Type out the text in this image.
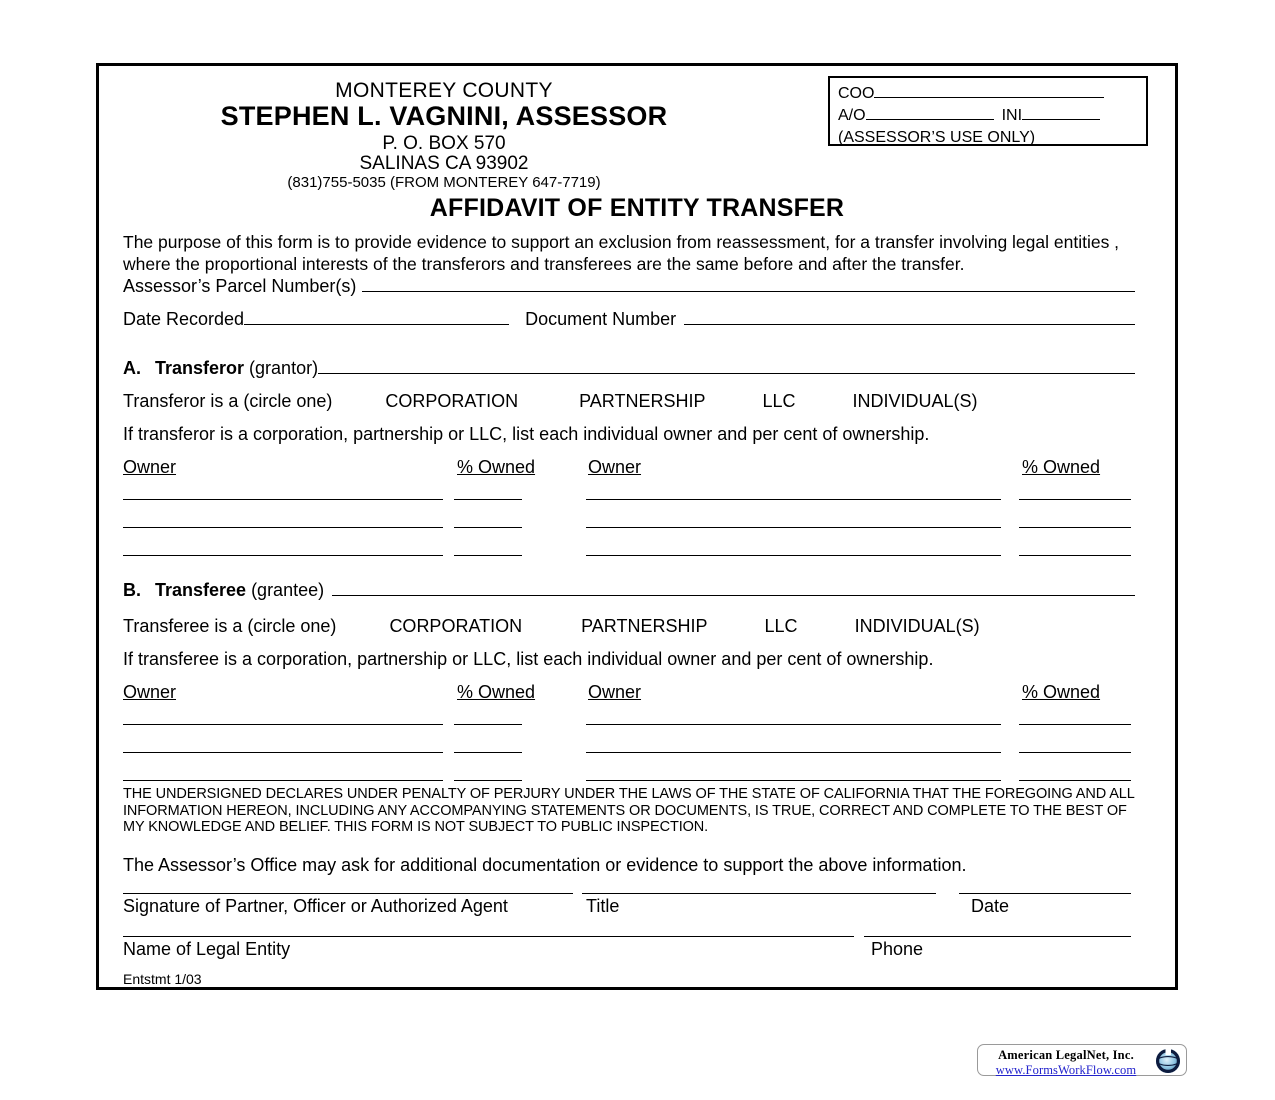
MONTEREY COUNTY
STEPHEN L. VAGNINI, ASSESSOR
P. O. BOX 570
SALINAS CA 93902
(831)755-5035 (FROM MONTEREY 647-7719)
COO
A/O	INI
(ASSESSOR’S USE ONLY)
AFFIDAVIT OF ENTITY TRANSFER
The purpose of this form is to provide evidence to support an exclusion from reassessment, for a transfer involving legal entities , where the proportional interests of the transferors and transferees are the same before and after the transfer.
Assessor’s Parcel Number(s)
Date Recorded	Document Number
A. Transferor (grantor)
Transferor is a (circle one)	CORPORATION	PARTNERSHIP	LLC	INDIVIDUAL(S)
If transferor is a corporation, partnership or LLC, list each individual owner and per cent of ownership.
Owner	% Owned	Owner	% Owned
B. Transferee (grantee)
Transferee is a (circle one)	CORPORATION	PARTNERSHIP	LLC	INDIVIDUAL(S)
If transferee is a corporation, partnership or LLC, list each individual owner and per cent of ownership.
Owner	% Owned	Owner	% Owned
THE UNDERSIGNED DECLARES UNDER PENALTY OF PERJURY UNDER THE LAWS OF THE STATE OF CALIFORNIA THAT THE FOREGOING AND ALL INFORMATION HEREON, INCLUDING ANY ACCOMPANYING STATEMENTS OR DOCUMENTS, IS TRUE, CORRECT AND COMPLETE TO THE BEST OF MY KNOWLEDGE AND BELIEF. THIS FORM IS NOT SUBJECT TO PUBLIC INSPECTION.
The Assessor’s Office may ask for additional documentation or evidence to support the above information.
Signature of Partner, Officer or Authorized Agent	Title	Date
Name of Legal Entity	Phone
Entstmt 1/03
American LegalNet, Inc.
www.FormsWorkFlow.com
